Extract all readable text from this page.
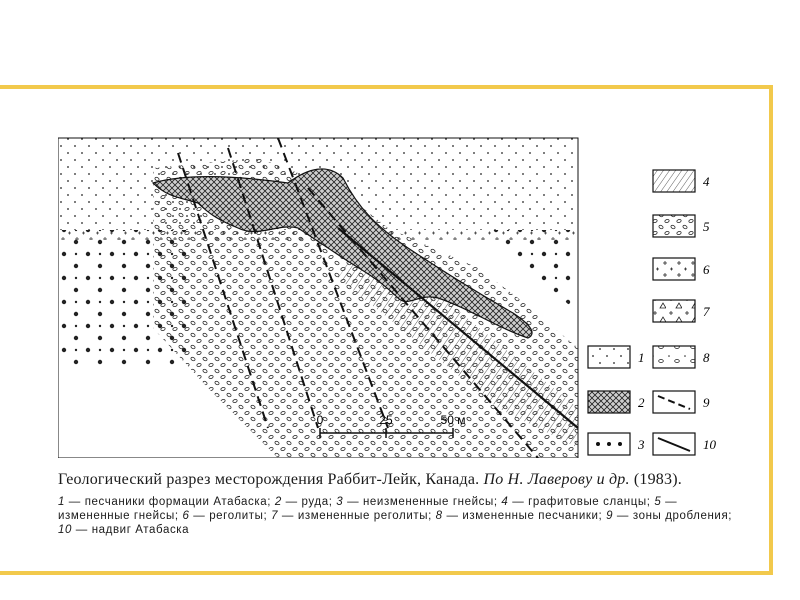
0	25	50 м
4
5
6
7
1	8
2	9
3	10
Геологический разрез месторождения Раббит-Лейк, Канада. По Н. Лаверову и др. (1983).
1 — песчаники формации Атабаска; 2 — руда; 3 — неизмененные гнейсы; 4 — графитовые сланцы; 5 — измененные гнейсы; 6 — реголиты; 7 — измененные реголиты; 8 — измененные песчаники; 9 — зоны дробления; 10 — надвиг Атабаска
